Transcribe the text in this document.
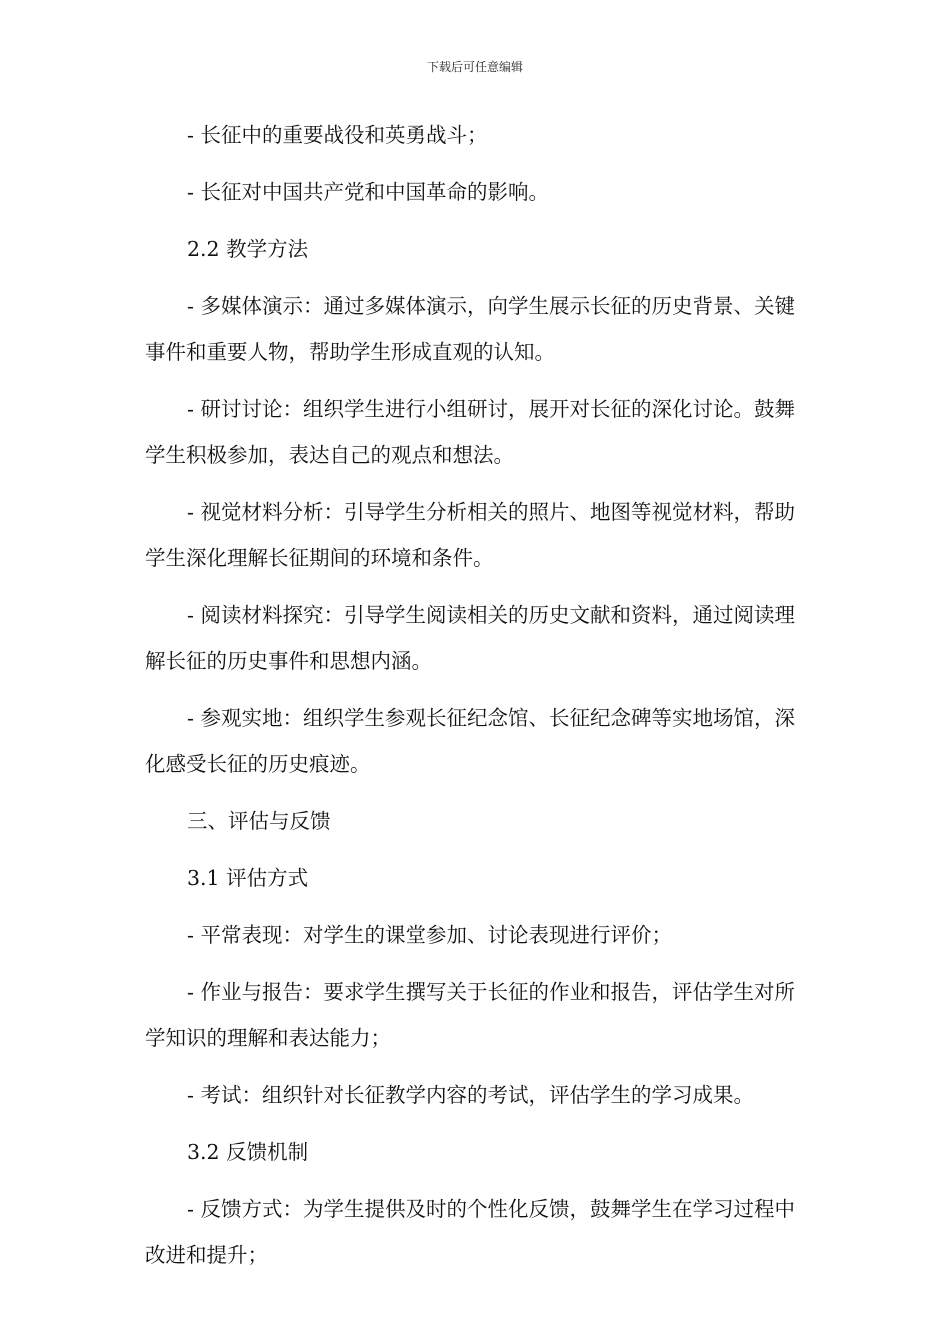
下载后可任意编辑

- 长征中的重要战役和英勇战斗；

- 长征对中国共产党和中国革命的影响。

2.2 教学方法

- 多媒体演示：通过多媒体演示，向学生展示长征的历史背景、关键事件和重要人物，帮助学生形成直观的认知。

- 研讨讨论：组织学生进行小组研讨，展开对长征的深化讨论。鼓舞学生积极参加，表达自己的观点和想法。

- 视觉材料分析：引导学生分析相关的照片、地图等视觉材料，帮助学生深化理解长征期间的环境和条件。

- 阅读材料探究：引导学生阅读相关的历史文献和资料，通过阅读理解长征的历史事件和思想内涵。

- 参观实地：组织学生参观长征纪念馆、长征纪念碑等实地场馆，深化感受长征的历史痕迹。

三、评估与反馈

3.1 评估方式

- 平常表现：对学生的课堂参加、讨论表现进行评价；

- 作业与报告：要求学生撰写关于长征的作业和报告，评估学生对所学知识的理解和表达能力；

- 考试：组织针对长征教学内容的考试，评估学生的学习成果。

3.2 反馈机制

- 反馈方式：为学生提供及时的个性化反馈，鼓舞学生在学习过程中改进和提升；
